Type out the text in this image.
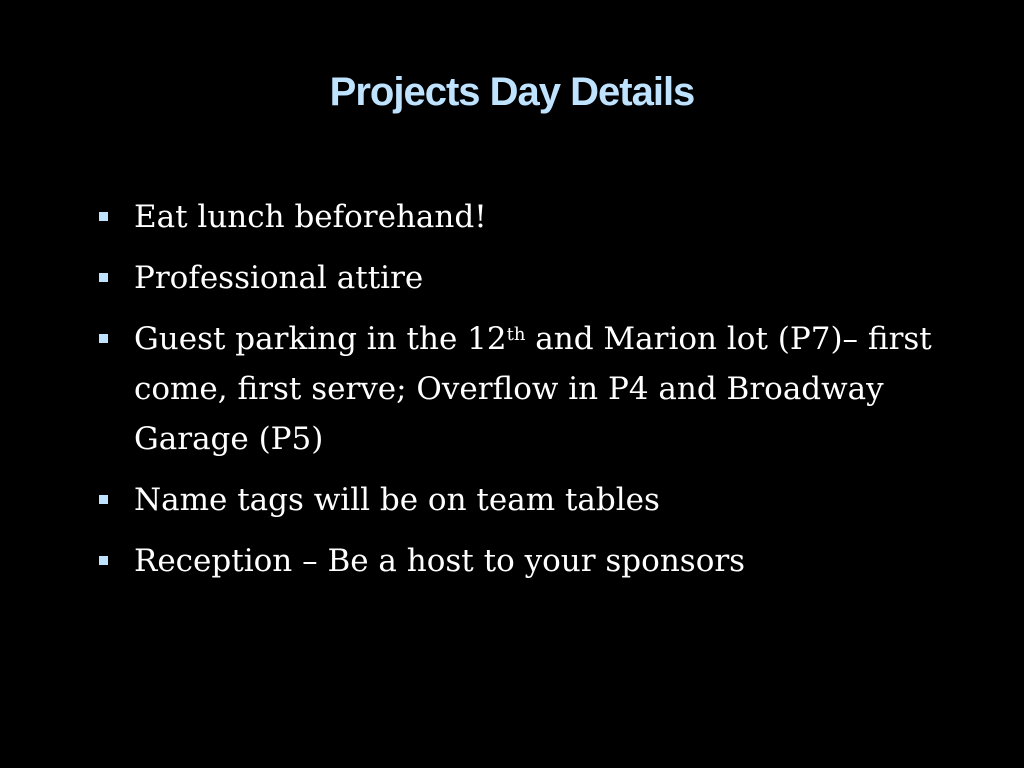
Projects Day Details
Eat lunch beforehand!
Professional attire
Guest parking in the 12th and Marion lot (P7)– first come, first serve; Overflow in P4 and Broadway Garage (P5)
Name tags will be on team tables
Reception – Be a host to your sponsors
